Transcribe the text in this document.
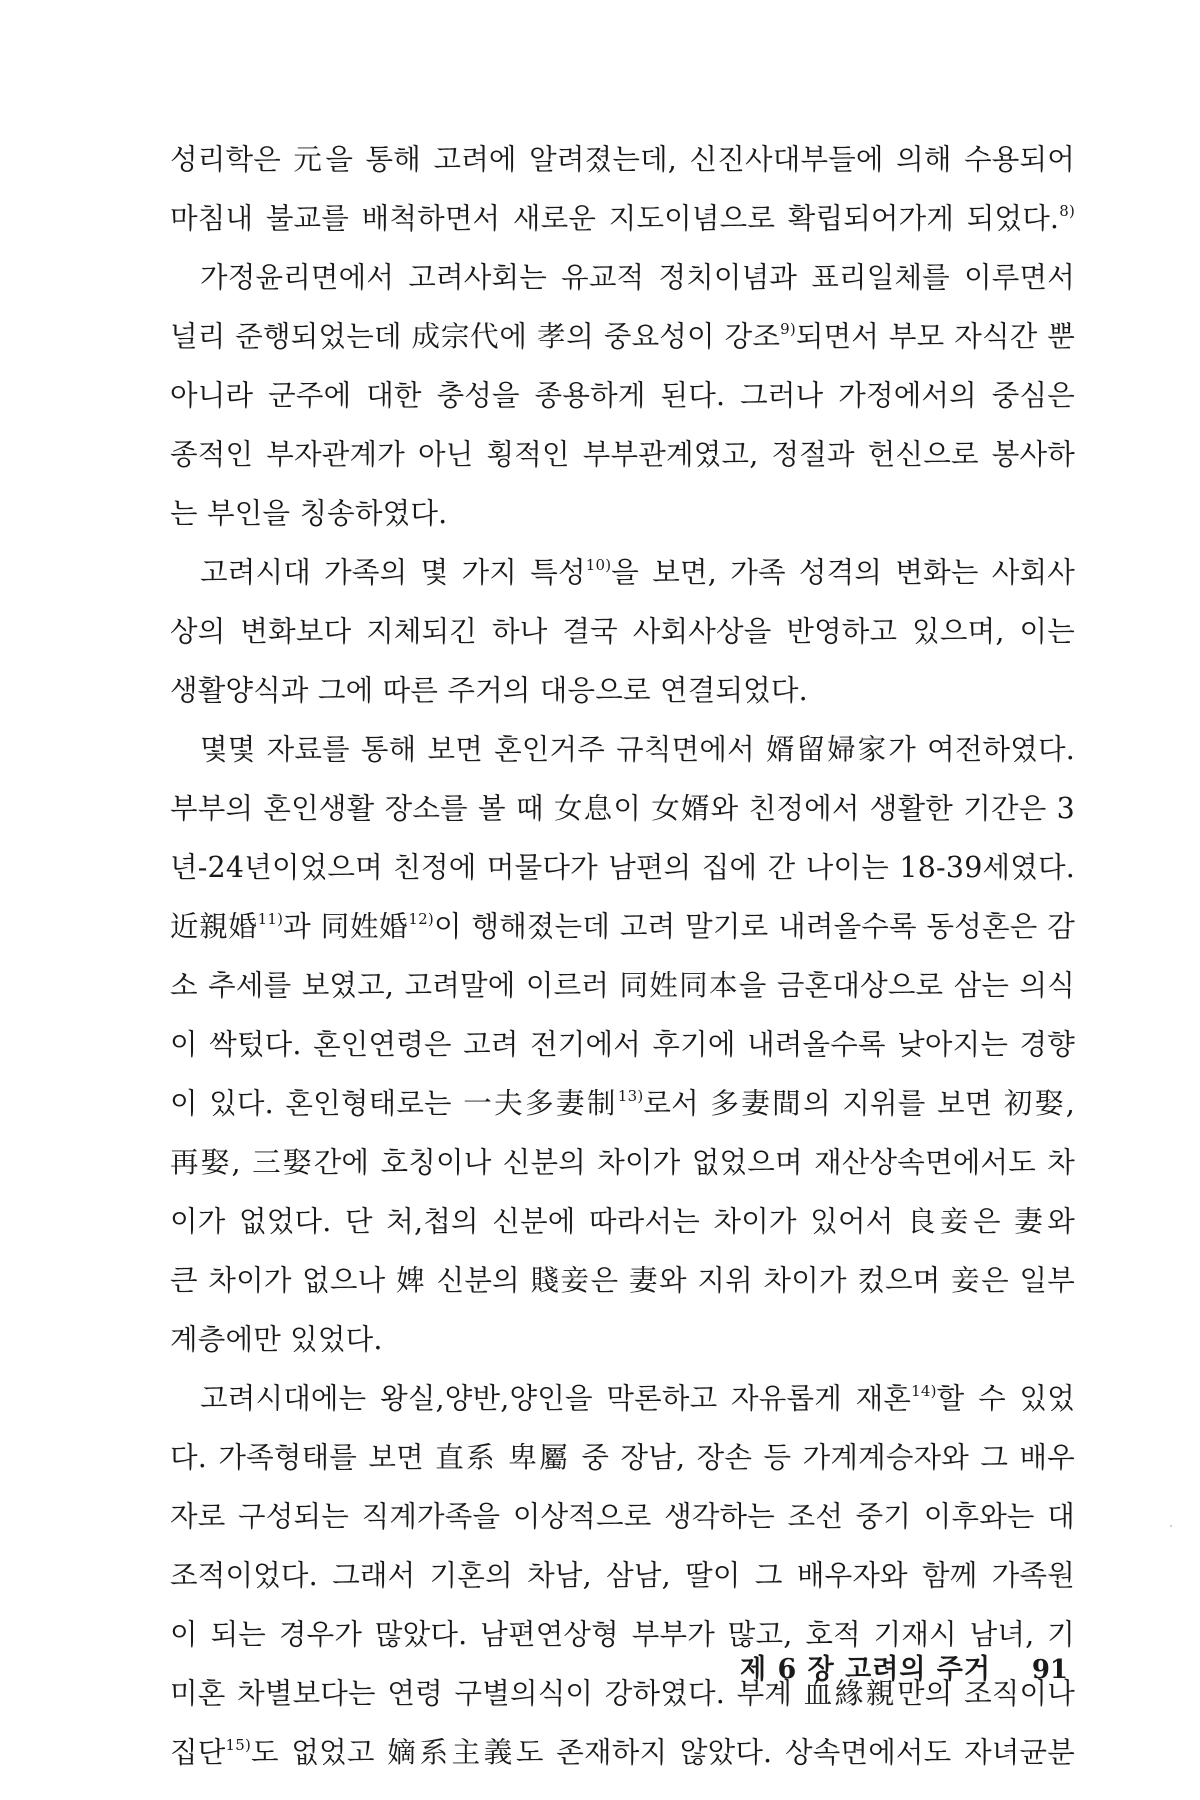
성리학은 元을 통해 고려에 알려졌는데, 신진사대부들에 의해 수용되어
마침내 불교를 배척하면서 새로운 지도이념으로 확립되어가게 되었다.$^{8)}$
가정윤리면에서 고려사회는 유교적 정치이념과 표리일체를 이루면서
널리 준행되었는데 成宗代에 孝의 중요성이 강조$^{9)}$되면서 부모 자식간 뿐
아니라 군주에 대한 충성을 종용하게 된다. 그러나 가정에서의 중심은
종적인 부자관계가 아닌 횡적인 부부관계였고, 정절과 헌신으로 봉사하
는 부인을 칭송하였다.
고려시대 가족의 몇 가지 특성$^{10)}$을 보면, 가족 성격의 변화는 사회사
상의 변화보다 지체되긴 하나 결국 사회사상을 반영하고 있으며, 이는
생활양식과 그에 따른 주거의 대응으로 연결되었다.
몇몇 자료를 통해 보면 혼인거주 규칙면에서 婿留婦家가 여전하였다.
부부의 혼인생활 장소를 볼 때 女息이 女婿와 친정에서 생활한 기간은 3
년-24년이었으며 친정에 머물다가 남편의 집에 간 나이는 18-39세였다.
近親婚$^{11)}$과 同姓婚$^{12)}$이 행해졌는데 고려 말기로 내려올수록 동성혼은 감
소 추세를 보였고, 고려말에 이르러 同姓同本을 금혼대상으로 삼는 의식
이 싹텄다. 혼인연령은 고려 전기에서 후기에 내려올수록 낮아지는 경향
이 있다. 혼인형태로는 一夫多妻制$^{13)}$로서 多妻間의 지위를 보면 初娶,
再娶, 三娶간에 호칭이나 신분의 차이가 없었으며 재산상속면에서도 차
이가 없었다. 단 처,첩의 신분에 따라서는 차이가 있어서 良妾은 妻와
큰 차이가 없으나 婢 신분의 賤妾은 妻와 지위 차이가 컸으며 妾은 일부
계층에만 있었다.
고려시대에는 왕실,양반,양인을 막론하고 자유롭게 재혼$^{14)}$할 수 있었
다. 가족형태를 보면 直系 卑屬 중 장남, 장손 등 가계계승자와 그 배우
자로 구성되는 직계가족을 이상적으로 생각하는 조선 중기 이후와는 대
조적이었다. 그래서 기혼의 차남, 삼남, 딸이 그 배우자와 함께 가족원
이 되는 경우가 많았다. 남편연상형 부부가 많고, 호적 기재시 남녀, 기
미혼 차별보다는 연령 구별의식이 강하였다. 부계 血緣親만의 조직이나
집단$^{15)}$도 없었고 嫡系主義도 존재하지 않았다. 상속면에서도 자녀균분
제 6 장 고려의 주거 91
